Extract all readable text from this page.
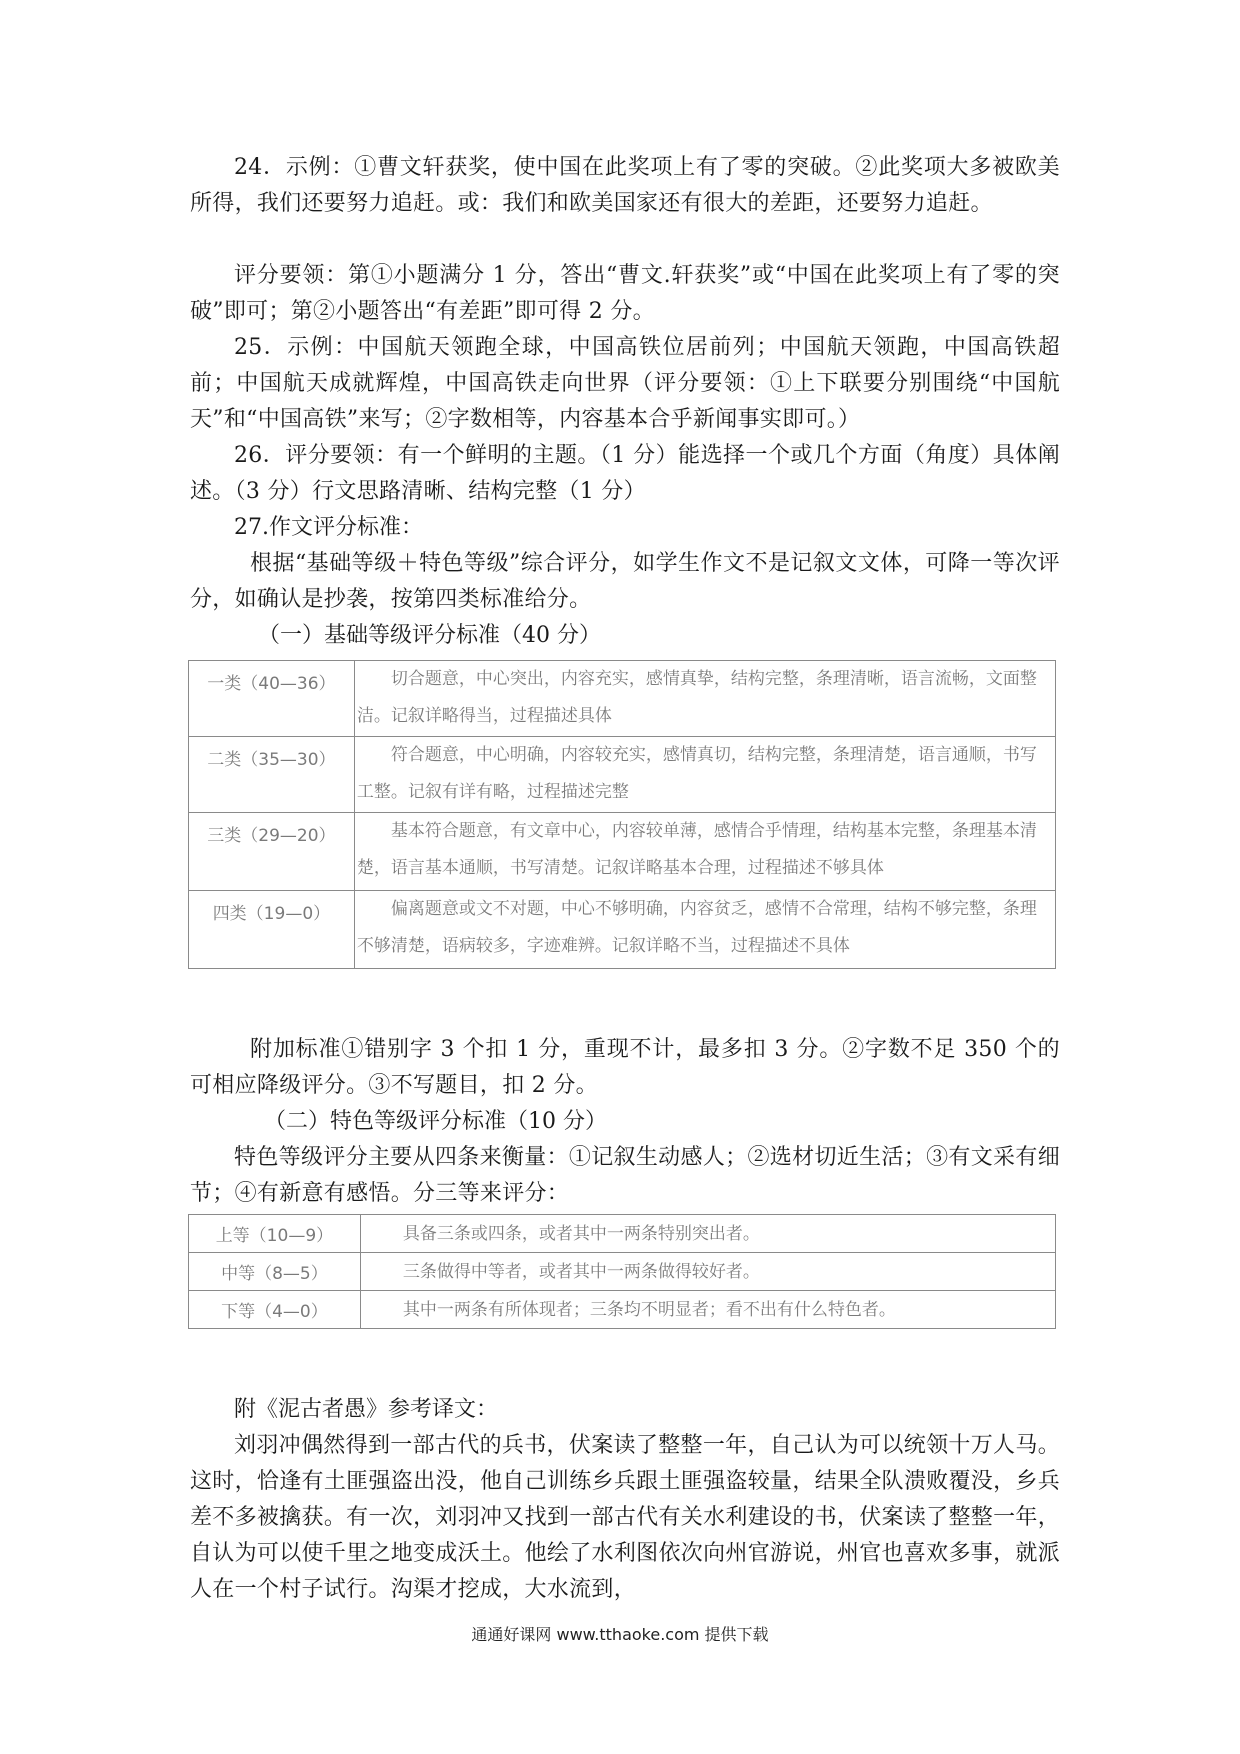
24．示例：①曹文轩获奖，使中国在此奖项上有了零的突破。②此奖项大多被欧美所得，我们还要努力追赶。或：我们和欧美国家还有很大的差距，还要努力追赶。

评分要领：第①小题满分 1 分，答出“曹文.轩获奖”或“中国在此奖项上有了零的突破”即可；第②小题答出“有差距”即可得 2 分。

25．示例：中国航天领跑全球，中国高铁位居前列；中国航天领跑，中国高铁超前；中国航天成就辉煌，中国高铁走向世界（评分要领：①上下联要分别围绕“中国航天”和“中国高铁”来写；②字数相等，内容基本合乎新闻事实即可。）

26．评分要领：有一个鲜明的主题。（1 分）能选择一个或几个方面（角度）具体阐述。（3 分）行文思路清晰、结构完整（1 分）

27.作文评分标准：

根据“基础等级＋特色等级”综合评分，如学生作文不是记叙文文体，可降一等次评分，如确认是抄袭，按第四类标准给分。

（一）基础等级评分标准（40 分）

一类（40—36）	切合题意，中心突出，内容充实，感情真挚，结构完整，条理清晰，语言流畅，文面整洁。记叙详略得当，过程描述具体
二类（35—30）	符合题意，中心明确，内容较充实，感情真切，结构完整，条理清楚，语言通顺，书写工整。记叙有详有略，过程描述完整
三类（29—20）	基本符合题意，有文章中心，内容较单薄，感情合乎情理，结构基本完整，条理基本清楚，语言基本通顺，书写清楚。记叙详略基本合理，过程描述不够具体
四类（19—0）	偏离题意或文不对题，中心不够明确，内容贫乏，感情不合常理，结构不够完整，条理不够清楚，语病较多，字迹难辨。记叙详略不当，过程描述不具体

附加标准①错别字 3 个扣 1 分，重现不计，最多扣 3 分。②字数不足 350 个的可相应降级评分。③不写题目，扣 2 分。

（二）特色等级评分标准（10 分）

特色等级评分主要从四条来衡量：①记叙生动感人；②选材切近生活；③有文采有细节；④有新意有感悟。分三等来评分：

上等（10—9）	具备三条或四条，或者其中一两条特别突出者。
中等（8—5）	三条做得中等者，或者其中一两条做得较好者。
下等（4—0）	其中一两条有所体现者；三条均不明显者；看不出有什么特色者。

附《泥古者愚》参考译文：

刘羽冲偶然得到一部古代的兵书，伏案读了整整一年，自己认为可以统领十万人马。这时，恰逢有土匪强盗出没，他自己训练乡兵跟土匪强盗较量，结果全队溃败覆没，乡兵差不多被擒获。有一次，刘羽冲又找到一部古代有关水利建设的书，伏案读了整整一年，自认为可以使千里之地变成沃土。他绘了水利图依次向州官游说，州官也喜欢多事，就派人在一个村子试行。沟渠才挖成，大水流到，

通通好课网 www.tthaoke.com 提供下载
